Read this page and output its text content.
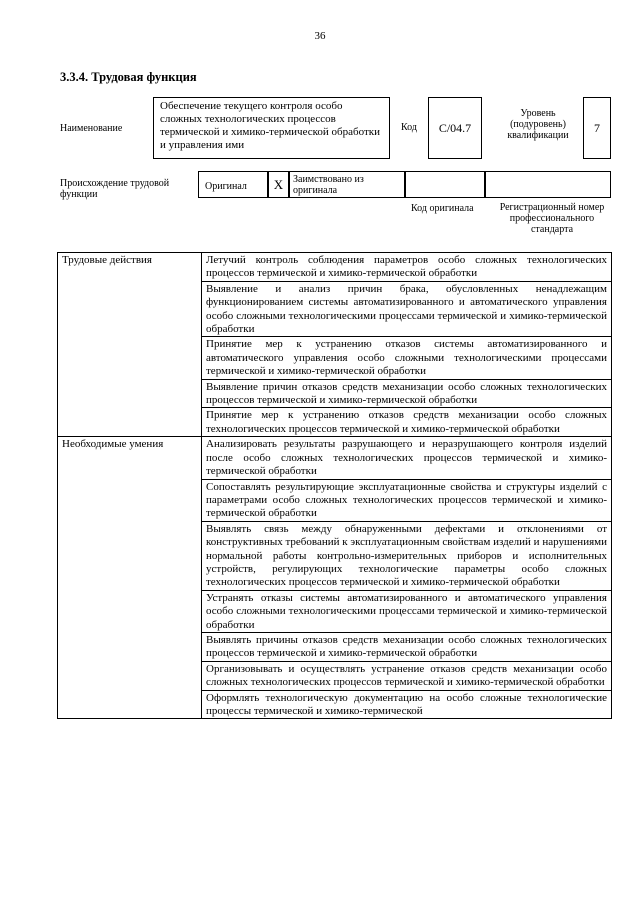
36
3.3.4. Трудовая функция
Наименование
Обеспечение текущего контроля особо сложных технологических процессов термической и химико-термической обработки и управления ими
Код	С/04.7
Уровень (подуровень) квалификации
7
Происхождение трудовой функции
Оригинал	X Заимствовано из оригинала
Код оригинала	Регистрационный номер профессионального стандарта
Трудовые действия	Летучий контроль соблюдения параметров особо сложных технологических процессов термической и химико-термической обработки
	Выявление и анализ причин брака, обусловленных ненадлежащим функционированием системы автоматизированного и автоматического управления особо сложными технологическими процессами термической и химико-термической обработки
	Принятие мер к устранению отказов системы автоматизированного и автоматического управления особо сложными технологическими процессами термической и химико-термической обработки
	Выявление причин отказов средств механизации особо сложных технологических процессов термической и химико-термической обработки
	Принятие мер к устранению отказов средств механизации особо сложных технологических процессов термической и химико-термической обработки
Необходимые умения	Анализировать результаты разрушающего и неразрушающего контроля изделий после особо сложных технологических процессов термической и химико-термической обработки
	Сопоставлять результирующие эксплуатационные свойства и структуры изделий с параметрами особо сложных технологических процессов термической и химико-термической обработки
	Выявлять связь между обнаруженными дефектами и отклонениями от конструктивных требований к эксплуатационным свойствам изделий и нарушениями нормальной работы контрольно-измерительных приборов и исполнительных устройств, регулирующих технологические параметры особо сложных технологических процессов термической и химико-термической обработки
	Устранять отказы системы автоматизированного и автоматического управления особо сложными технологическими процессами термической и химико-термической обработки
	Выявлять причины отказов средств механизации особо сложных технологических процессов термической и химико-термической обработки
	Организовывать и осуществлять устранение отказов средств механизации особо сложных технологических процессов термической и химико-термической обработки
	Оформлять технологическую документацию на особо сложные технологические процессы термической и химико-термической
